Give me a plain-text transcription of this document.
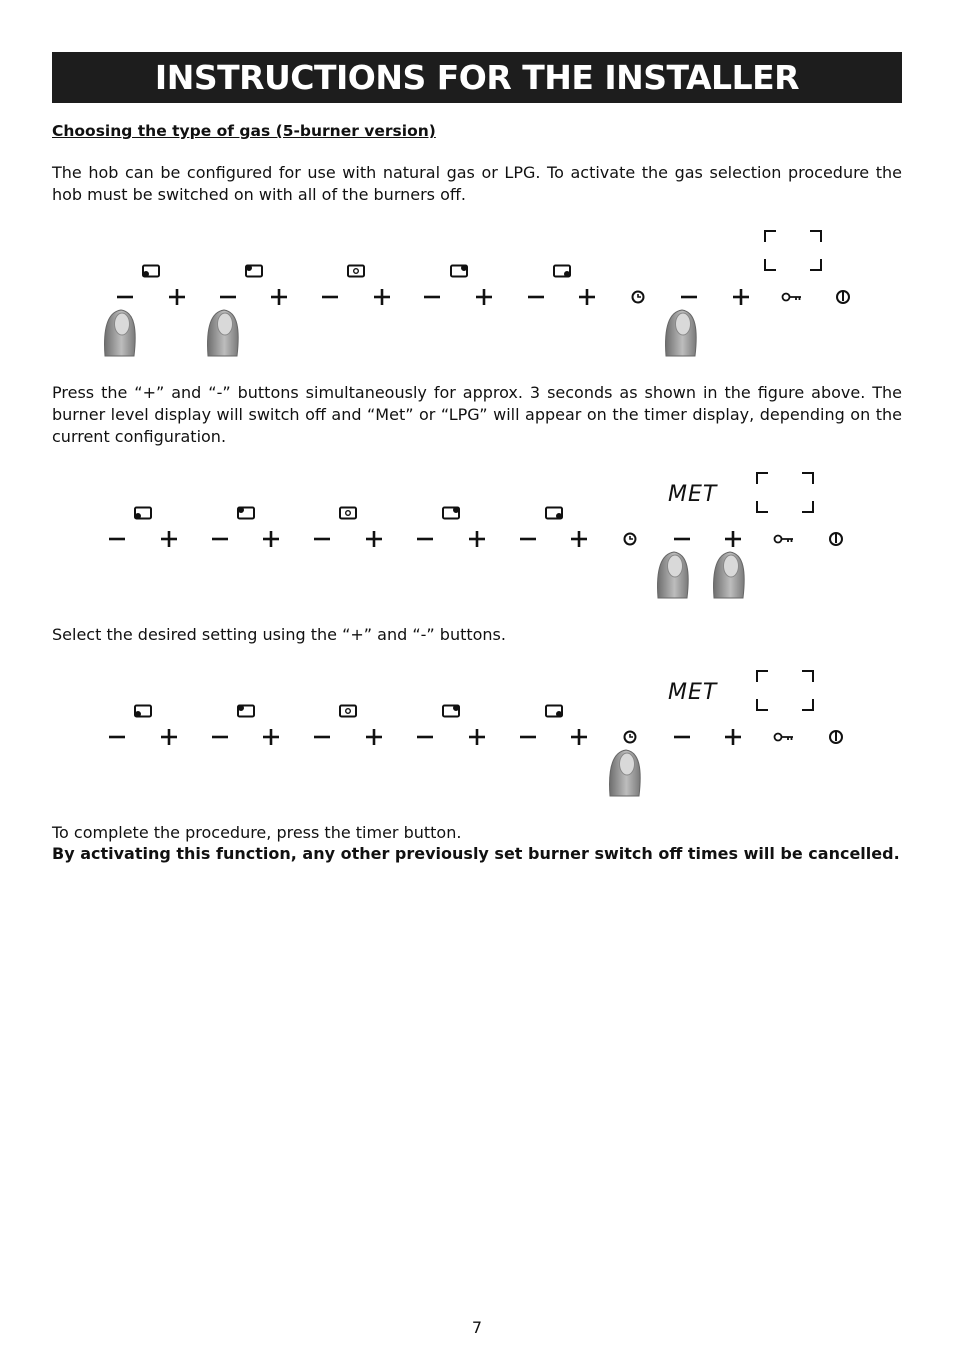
INSTRUCTIONS FOR THE INSTALLER
Choosing the type of gas (5-burner version)

The hob can be configured for use with natural gas or LPG. To activate the gas selection procedure the hob must be switched on with all of the burners off.

Press the “+” and “-” buttons simultaneously for approx. 3 seconds as shown in the figure above. The burner level display will switch off and “Met” or “LPG” will appear on the timer display, depending on the current configuration.

MET

Select the desired setting using the “+” and “-” buttons.

MET
To complete the procedure, press the timer button.
By activating this function, any other previously set burner switch off times will be cancelled.
7
